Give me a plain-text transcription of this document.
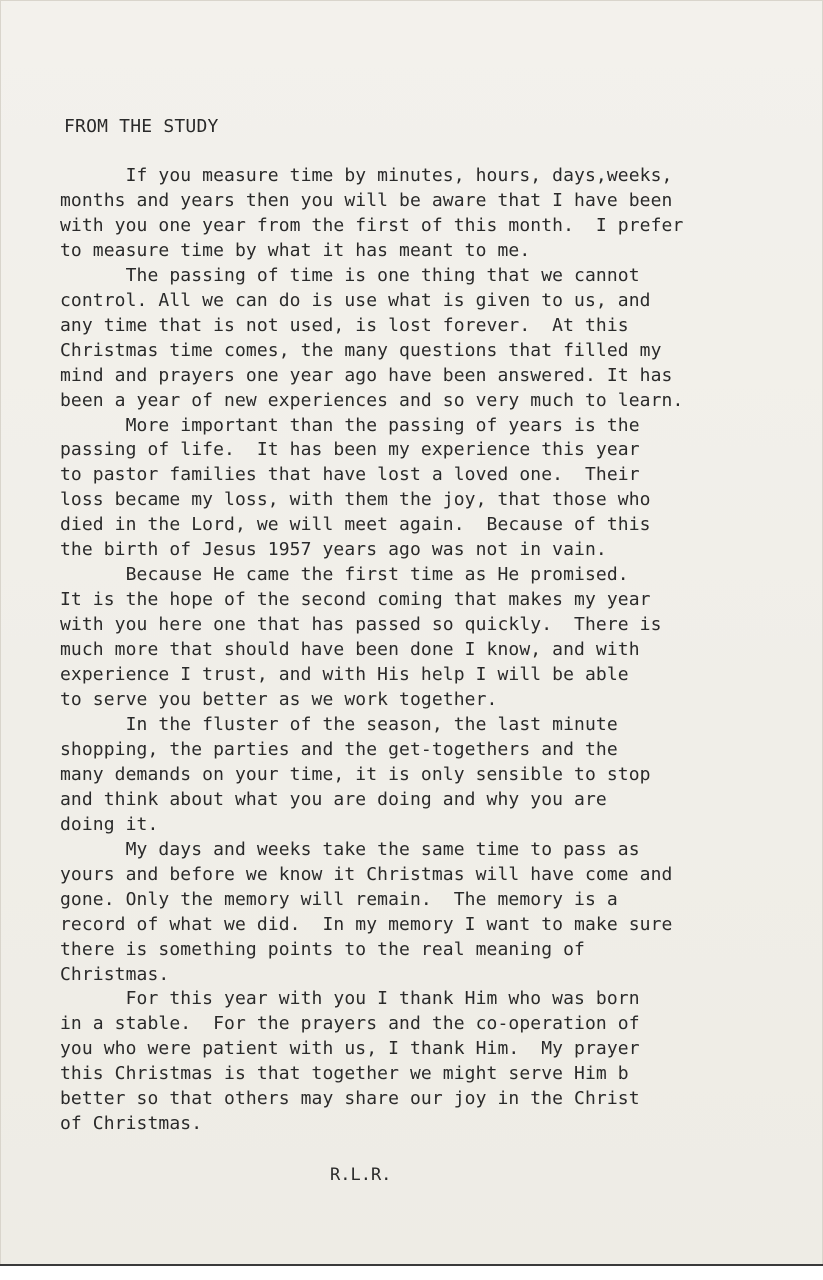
FROM THE STUDY
If you measure time by minutes, hours, days,weeks,
months and years then you will be aware that I have been
with you one year from the first of this month.  I prefer
to measure time by what it has meant to me.
The passing of time is one thing that we cannot
control. All we can do is use what is given to us, and
any time that is not used, is lost forever.  At this
Christmas time comes, the many questions that filled my
mind and prayers one year ago have been answered. It has
been a year of new experiences and so very much to learn.
More important than the passing of years is the
passing of life.  It has been my experience this year
to pastor families that have lost a loved one.  Their
loss became my loss, with them the joy, that those who
died in the Lord, we will meet again.  Because of this
the birth of Jesus 1957 years ago was not in vain.
Because He came the first time as He promised.
It is the hope of the second coming that makes my year
with you here one that has passed so quickly.  There is
much more that should have been done I know, and with
experience I trust, and with His help I will be able
to serve you better as we work together.
In the fluster of the season, the last minute
shopping, the parties and the get-togethers and the
many demands on your time, it is only sensible to stop
and think about what you are doing and why you are
doing it.
My days and weeks take the same time to pass as
yours and before we know it Christmas will have come and
gone. Only the memory will remain.  The memory is a
record of what we did.  In my memory I want to make sure
there is something points to the real meaning of
Christmas.
For this year with you I thank Him who was born
in a stable.  For the prayers and the co-operation of
you who were patient with us, I thank Him.  My prayer
this Christmas is that together we might serve Him b
better so that others may share our joy in the Christ
of Christmas.
R.L.R.
